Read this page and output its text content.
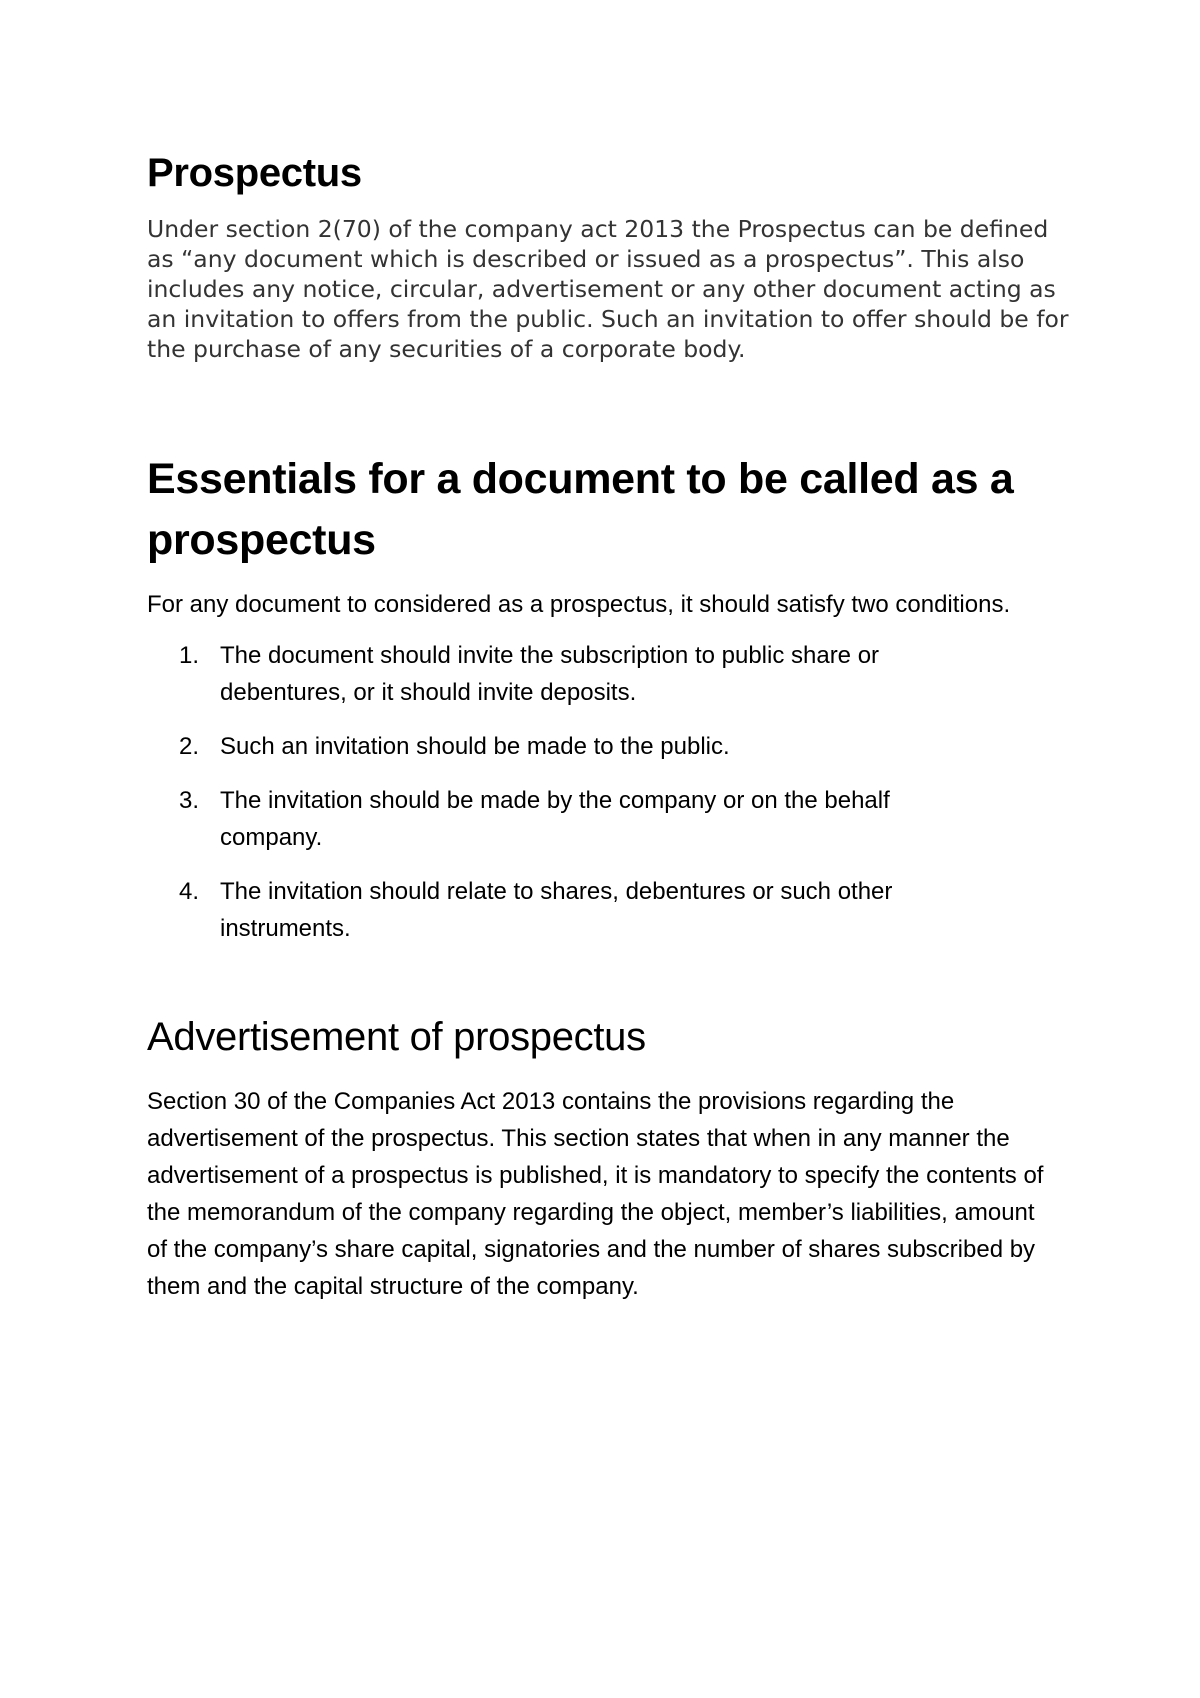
Prospectus

Under section 2(70) of the company act 2013 the Prospectus can be defined as “any document which is described or issued as a prospectus”. This also includes any notice, circular, advertisement or any other document acting as an invitation to offers from the public. Such an invitation to offer should be for the purchase of any securities of a corporate body.

Essentials for a document to be called as a prospectus

For any document to considered as a prospectus, it should satisfy two conditions.

1. The document should invite the subscription to public share or debentures, or it should invite deposits.
2. Such an invitation should be made to the public.
3. The invitation should be made by the company or on the behalf company.
4. The invitation should relate to shares, debentures or such other instruments.
Advertisement of prospectus

Section 30 of the Companies Act 2013 contains the provisions regarding the advertisement of the prospectus. This section states that when in any manner the advertisement of a prospectus is published, it is mandatory to specify the contents of the memorandum of the company regarding the object, member’s liabilities, amount of the company’s share capital, signatories and the number of shares subscribed by them and the capital structure of the company.
